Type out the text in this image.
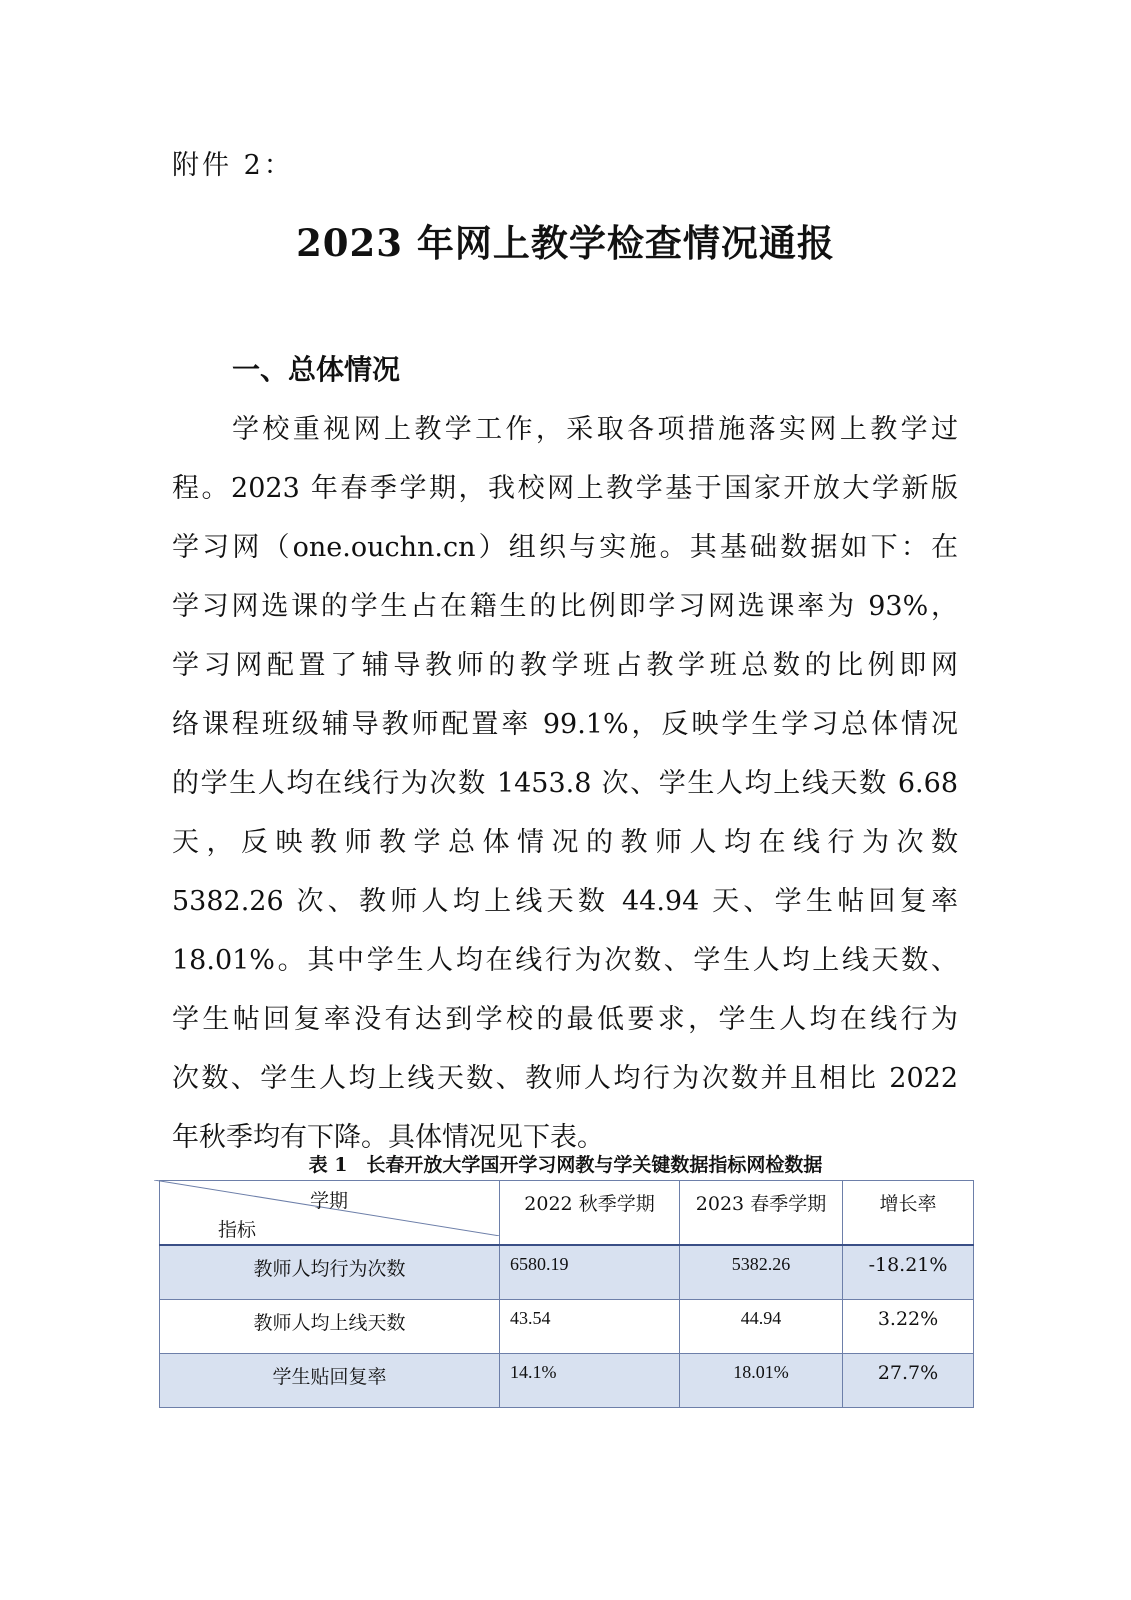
附件 2：
2023 年网上教学检查情况通报
一、总体情况
学校重视网上教学工作，采取各项措施落实网上教学过
程。2023 年春季学期，我校网上教学基于国家开放大学新版
学习网（one.ouchn.cn）组织与实施。其基础数据如下：在
学习网选课的学生占在籍生的比例即学习网选课率为 93%，
学习网配置了辅导教师的教学班占教学班总数的比例即网
络课程班级辅导教师配置率 99.1%，反映学生学习总体情况
的学生人均在线行为次数 1453.8 次、学生人均上线天数 6.68
天，反映教师教学总体情况的教师人均在线行为次数
5382.26 次、教师人均上线天数 44.94 天、学生帖回复率
18.01%。其中学生人均在线行为次数、学生人均上线天数、
学生帖回复率没有达到学校的最低要求，学生人均在线行为
次数、学生人均上线天数、教师人均行为次数并且相比 2022
年秋季均有下降。具体情况见下表。
表 1　长春开放大学国开学习网教与学关键数据指标网检数据
学期
指标	2022 秋季学期	2023 春季学期	增长率
教师人均行为次数	6580.19	5382.26	-18.21%
教师人均上线天数	43.54	44.94	3.22%
学生贴回复率	14.1%	18.01%	27.7%
